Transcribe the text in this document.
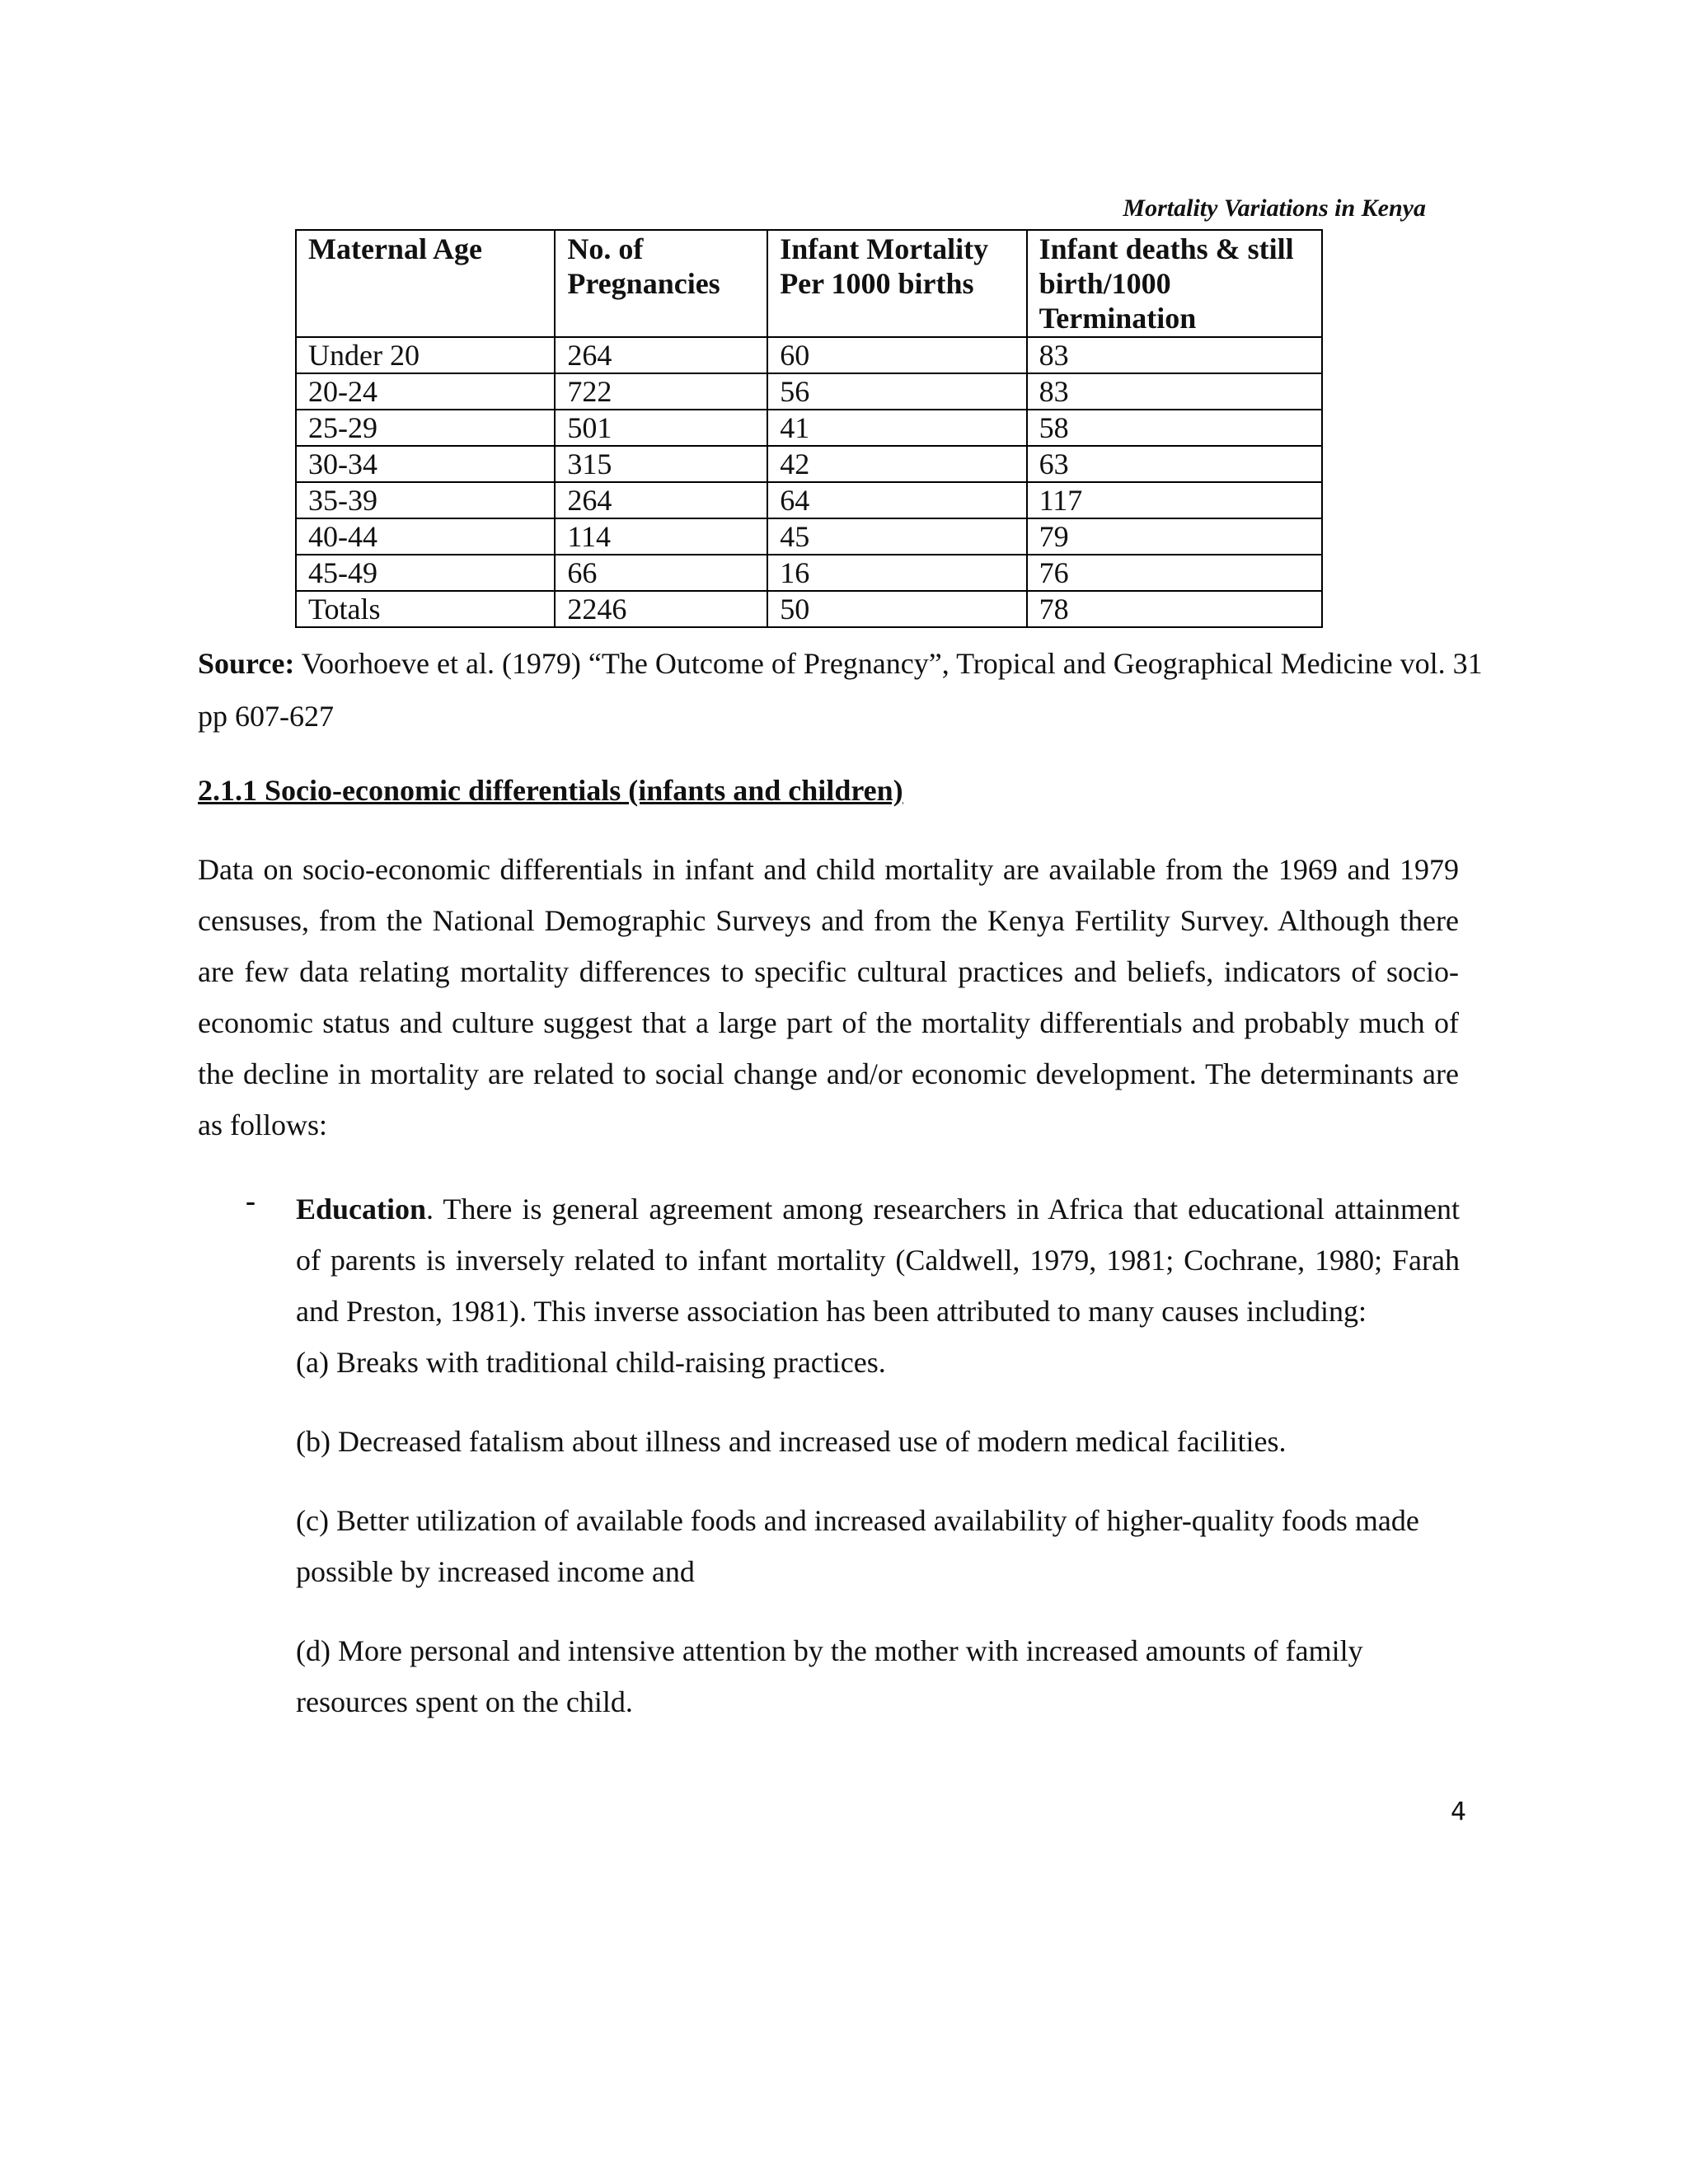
Mortality Variations in Kenya
Maternal Age	No. of Pregnancies	Infant Mortality Per 1000 births	Infant deaths & still birth/1000 Termination
Under 20	264	60	83
20-24	722	56	83
25-29	501	41	58
30-34	315	42	63
35-39	264	64	117
40-44	114	45	79
45-49	66	16	76
Totals	2246	50	78
Source: Voorhoeve et al. (1979) “The Outcome of Pregnancy”, Tropical and Geographical Medicine vol. 31 pp 607-627
2.1.1 Socio-economic differentials (infants and children)
Data on socio-economic differentials in infant and child mortality are available from the 1969 and 1979 censuses, from the National Demographic Surveys and from the Kenya Fertility Survey. Although there are few data relating mortality differences to specific cultural practices and beliefs, indicators of socio-economic status and culture suggest that a large part of the mortality differentials and probably much of the decline in mortality are related to social change and/or economic development. The determinants are as follows:
- Education. There is general agreement among researchers in Africa that educational attainment of parents is inversely related to infant mortality (Caldwell, 1979, 1981; Cochrane, 1980; Farah and Preston, 1981). This inverse association has been attributed to many causes including:
(a) Breaks with traditional child-raising practices.
(b) Decreased fatalism about illness and increased use of modern medical facilities.
(c) Better utilization of available foods and increased availability of higher-quality foods made possible by increased income and
(d) More personal and intensive attention by the mother with increased amounts of family resources spent on the child.
4
